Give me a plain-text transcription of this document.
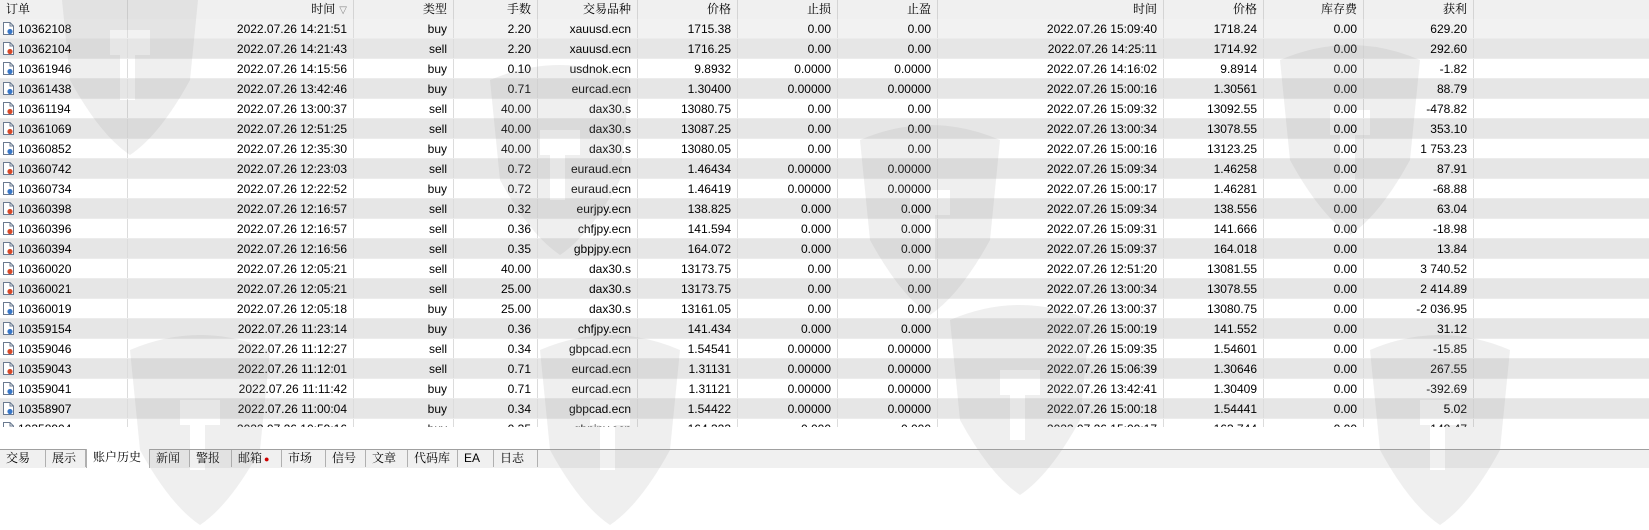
订单	时间 ▽	类型	手数	交易品种	价格	止损	止盈	时间	价格	库存费	获利
10362108	2022.07.26 14:21:51	buy	2.20	xauusd.ecn	1715.38	0.00	0.00	2022.07.26 15:09:40	1718.24	0.00	629.20
10362104	2022.07.26 14:21:43	sell	2.20	xauusd.ecn	1716.25	0.00	0.00	2022.07.26 14:25:11	1714.92	0.00	292.60
10361946	2022.07.26 14:15:56	buy	0.10	usdnok.ecn	9.8932	0.0000	0.0000	2022.07.26 14:16:02	9.8914	0.00	-1.82
10361438	2022.07.26 13:42:46	buy	0.71	eurcad.ecn	1.30400	0.00000	0.00000	2022.07.26 15:00:16	1.30561	0.00	88.79
10361194	2022.07.26 13:00:37	sell	40.00	dax30.s	13080.75	0.00	0.00	2022.07.26 15:09:32	13092.55	0.00	-478.82
10361069	2022.07.26 12:51:25	sell	40.00	dax30.s	13087.25	0.00	0.00	2022.07.26 13:00:34	13078.55	0.00	353.10
10360852	2022.07.26 12:35:30	buy	40.00	dax30.s	13080.05	0.00	0.00	2022.07.26 15:00:16	13123.25	0.00	1 753.23
10360742	2022.07.26 12:23:03	sell	0.72	euraud.ecn	1.46434	0.00000	0.00000	2022.07.26 15:09:34	1.46258	0.00	87.91
10360734	2022.07.26 12:22:52	buy	0.72	euraud.ecn	1.46419	0.00000	0.00000	2022.07.26 15:00:17	1.46281	0.00	-68.88
10360398	2022.07.26 12:16:57	sell	0.32	eurjpy.ecn	138.825	0.000	0.000	2022.07.26 15:09:34	138.556	0.00	63.04
10360396	2022.07.26 12:16:57	sell	0.36	chfjpy.ecn	141.594	0.000	0.000	2022.07.26 15:09:31	141.666	0.00	-18.98
10360394	2022.07.26 12:16:56	sell	0.35	gbpjpy.ecn	164.072	0.000	0.000	2022.07.26 15:09:37	164.018	0.00	13.84
10360020	2022.07.26 12:05:21	sell	40.00	dax30.s	13173.75	0.00	0.00	2022.07.26 12:51:20	13081.55	0.00	3 740.52
10360021	2022.07.26 12:05:21	sell	25.00	dax30.s	13173.75	0.00	0.00	2022.07.26 13:00:34	13078.55	0.00	2 414.89
10360019	2022.07.26 12:05:18	buy	25.00	dax30.s	13161.05	0.00	0.00	2022.07.26 13:00:37	13080.75	0.00	-2 036.95
10359154	2022.07.26 11:23:14	buy	0.36	chfjpy.ecn	141.434	0.000	0.000	2022.07.26 15:00:19	141.552	0.00	31.12
10359046	2022.07.26 11:12:27	sell	0.34	gbpcad.ecn	1.54541	0.00000	0.00000	2022.07.26 15:09:35	1.54601	0.00	-15.85
10359043	2022.07.26 11:12:01	sell	0.71	eurcad.ecn	1.31131	0.00000	0.00000	2022.07.26 15:06:39	1.30646	0.00	267.55
10359041	2022.07.26 11:11:42	buy	0.71	eurcad.ecn	1.31121	0.00000	0.00000	2022.07.26 13:42:41	1.30409	0.00	-392.69
10358907	2022.07.26 11:00:04	buy	0.34	gbpcad.ecn	1.54422	0.00000	0.00000	2022.07.26 15:00:18	1.54441	0.00	5.02
交易	展示	账户历史	新闻	警报	邮箱 ●	市场	信号	文章	代码库	EA	日志
